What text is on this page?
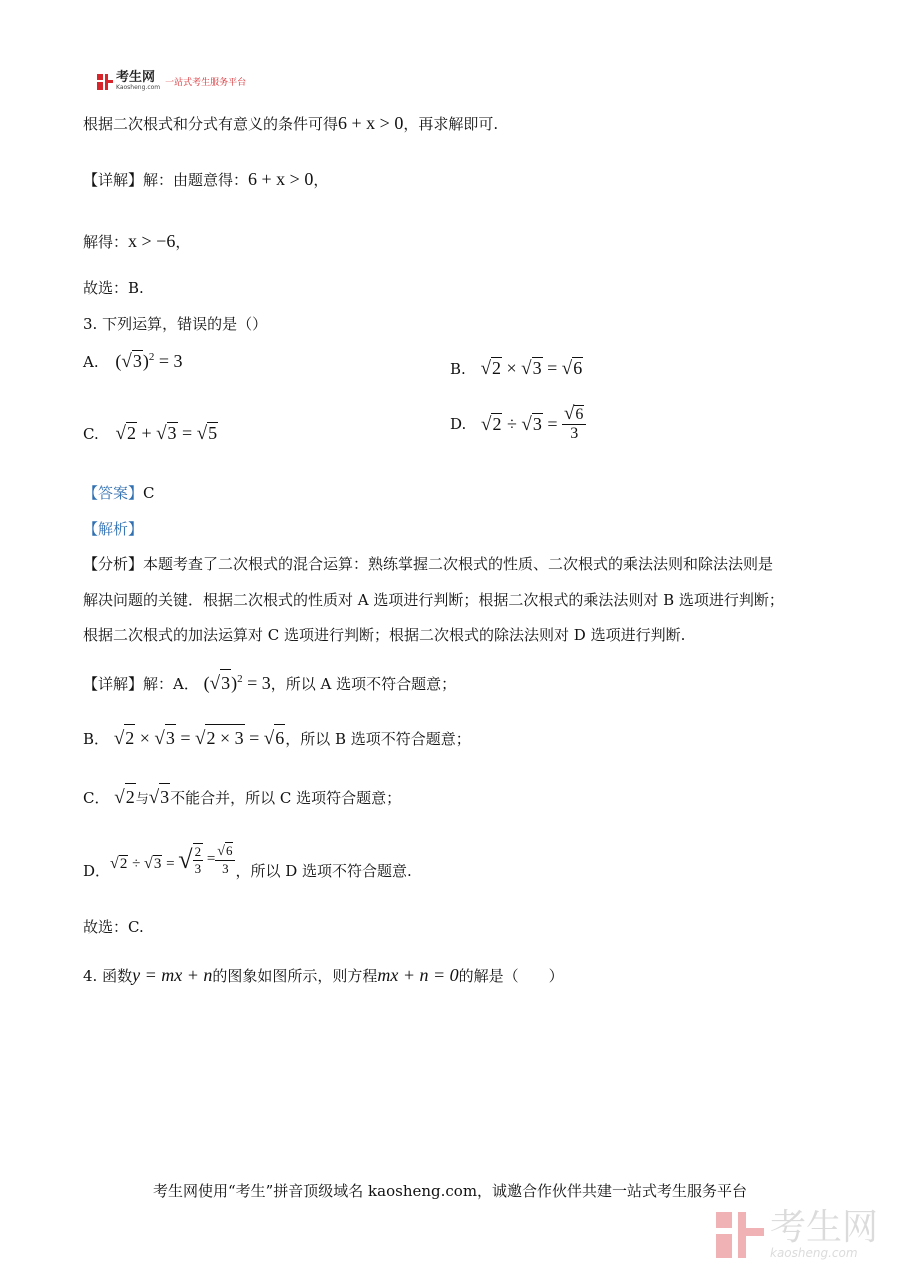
考生网
Kaosheng.com 一站式考生服务平台
根据二次根式和分式有意义的条件可得6 + x > 0，再求解即可.
【详解】解：由题意得：6 + x > 0，
解得：x > −6，
故选：B.
3. 下列运算，错误的是（）
A. $(√3)^2 = 3$	B. √2 × √3 = √6
C. √2 + √3 = √5	D. $√2 \div √3 = \frac{√6}{3}$
【答案】C
【解析】
【分析】本题考查了二次根式的混合运算：熟练掌握二次根式的性质、二次根式的乘法法则和除法法则是
解决问题的关键．根据二次根式的性质对 A 选项进行判断；根据二次根式的乘法法则对 B 选项进行判断；
根据二次根式的加法运算对 C 选项进行判断；根据二次根式的除法法则对 D 选项进行判断.
【详解】解：A． $(√3)^2 = 3$，所以 A 选项不符合题意；
B． √2 × √3 = √2 × 3 = √6，所以 B 选项不符合题意；
C． √2与√3不能合并，所以 C 选项符合题意；
D． √2 ÷ √3 = √ $\frac{2}{3} = \frac{√6}{3}$ ，所以 D 选项不符合题意.
故选：C.
4. 函数y = mx + n的图象如图所示，则方程mx + n = 0的解是（　　）
考生网使用“考生”拼音顶级域名 kaosheng.com，诚邀合作伙伴共建一站式考生服务平台
考生网
kaosheng.com
